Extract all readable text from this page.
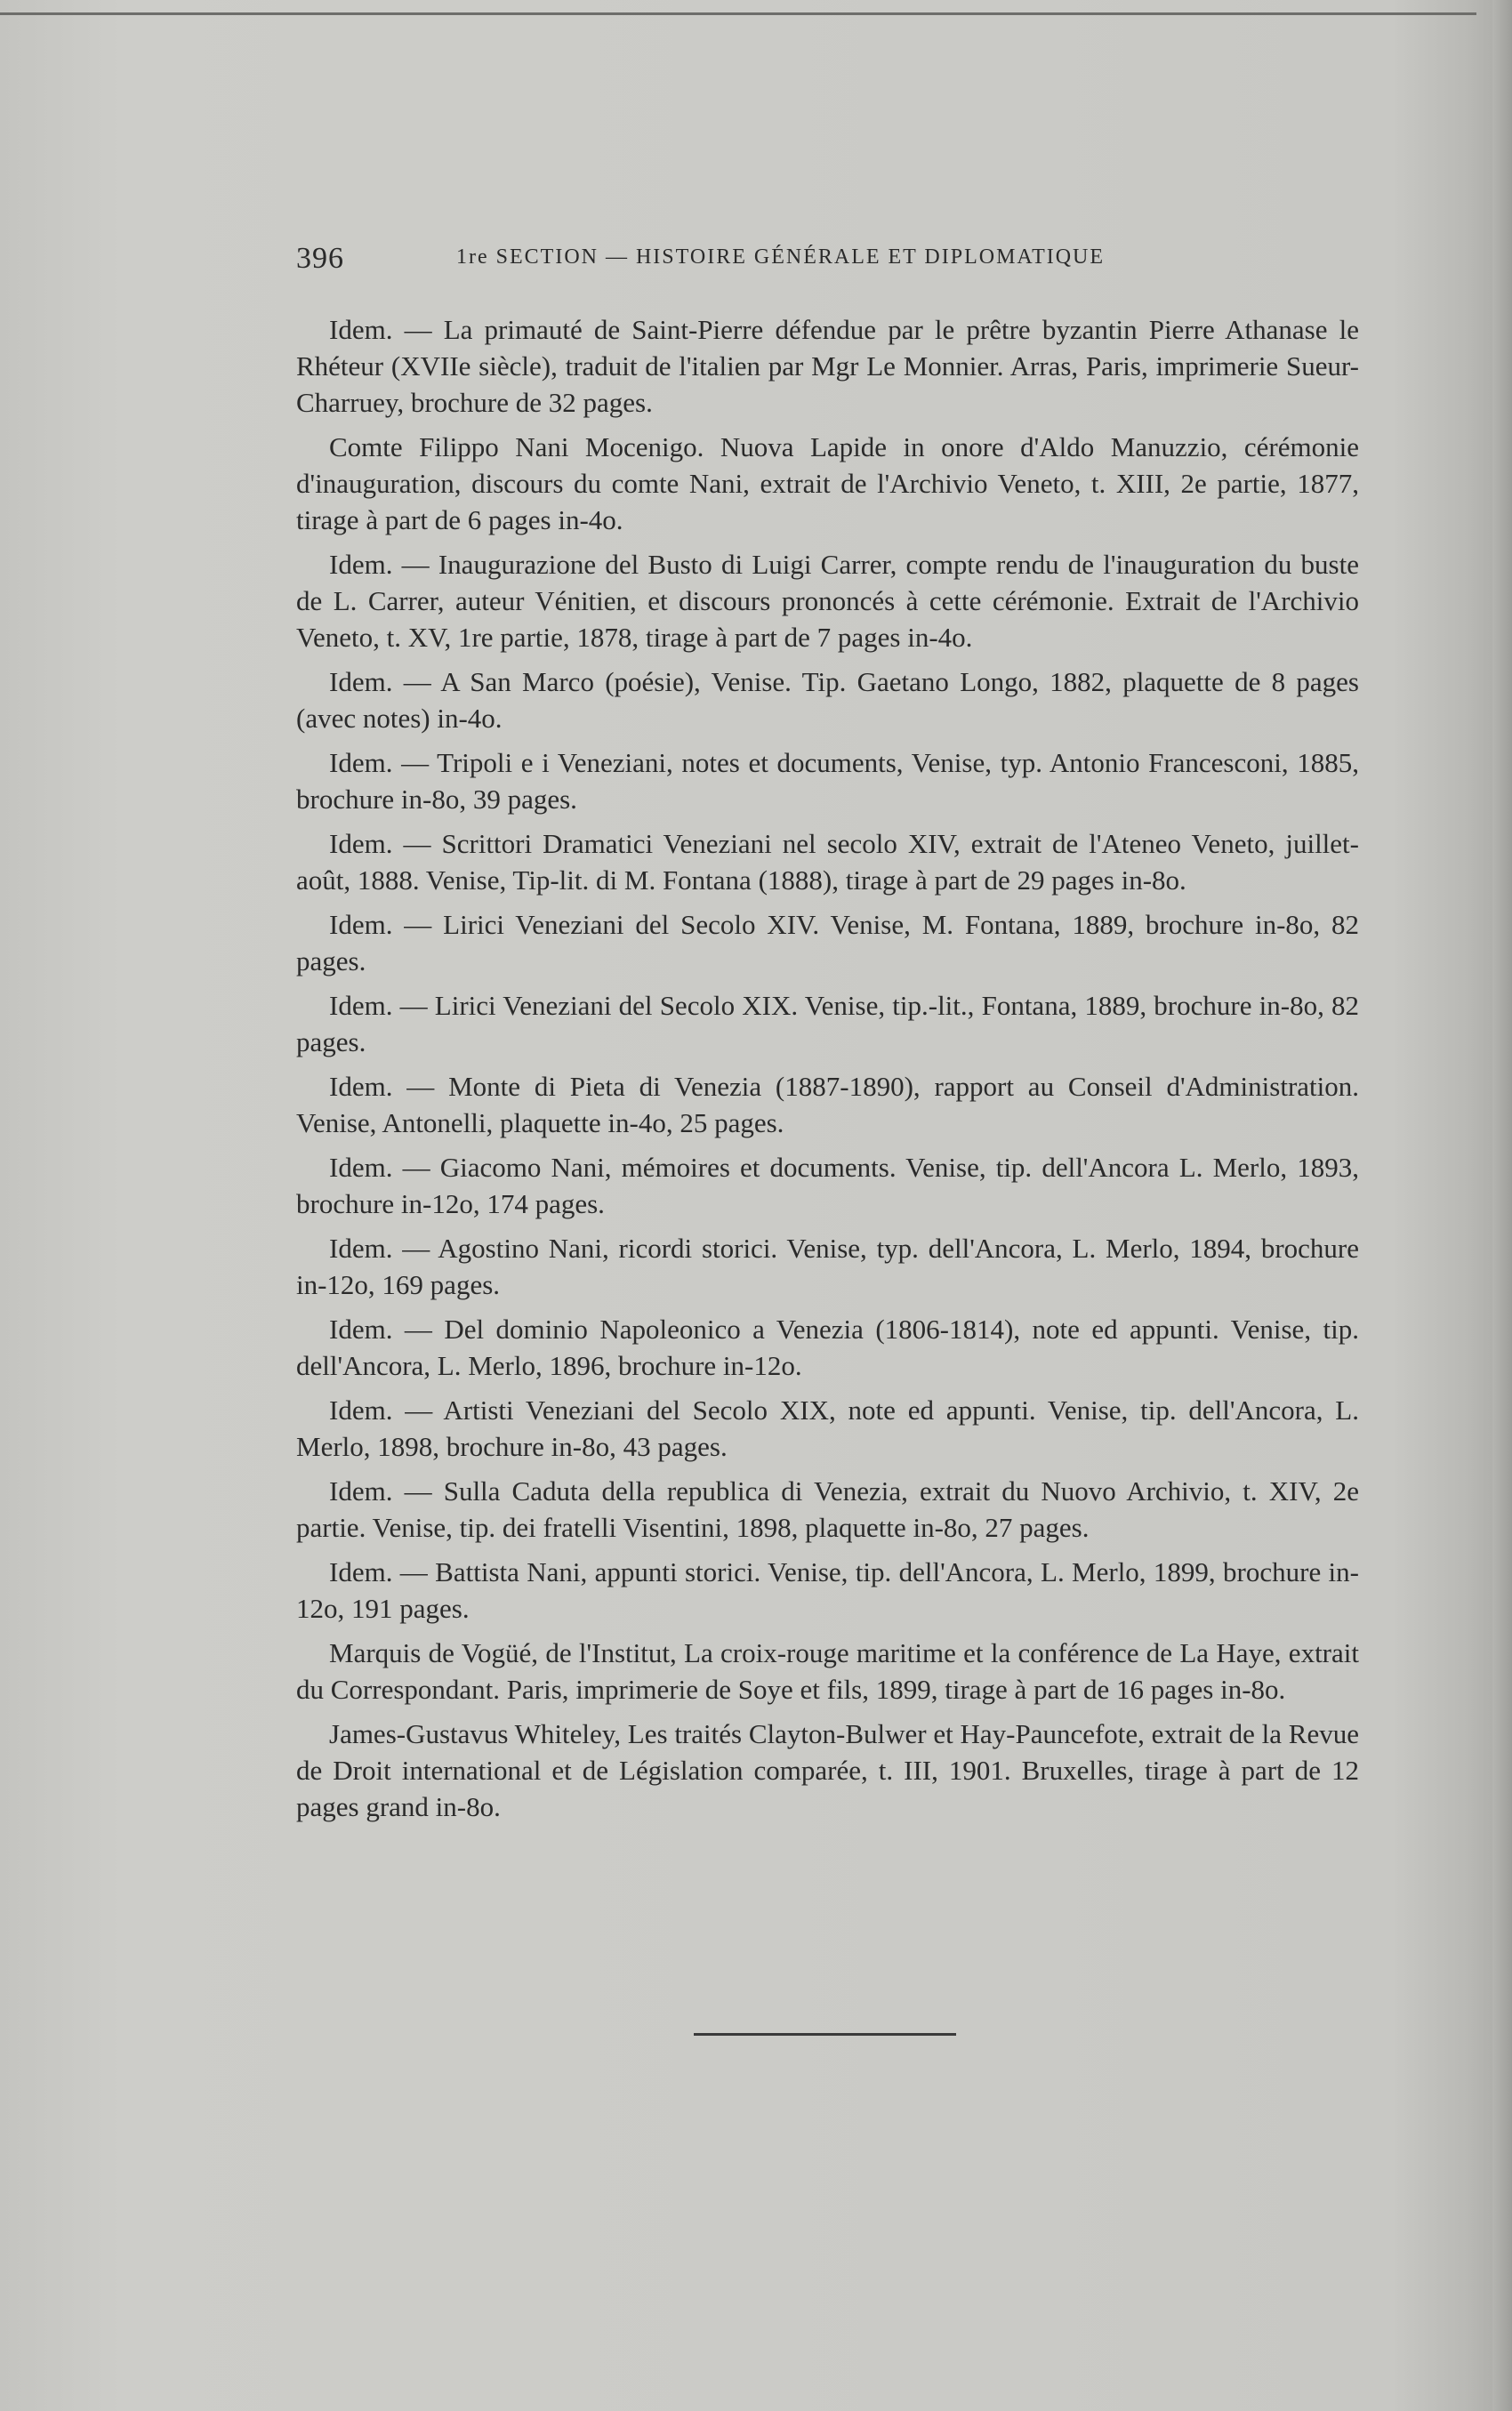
396	1re SECTION — HISTOIRE GÉNÉRALE ET DIPLOMATIQUE

Idem. — La primauté de Saint-Pierre défendue par le prêtre byzantin Pierre Athanase le Rhéteur (XVIIe siècle), traduit de l'italien par Mgr Le Monnier. Arras, Paris, imprimerie Sueur-Charruey, brochure de 32 pages.

Comte Filippo Nani Mocenigo. Nuova Lapide in onore d'Aldo Manuzzio, cérémonie d'inauguration, discours du comte Nani, extrait de l'Archivio Veneto, t. XIII, 2e partie, 1877, tirage à part de 6 pages in-4o.

Idem. — Inaugurazione del Busto di Luigi Carrer, compte rendu de l'inauguration du buste de L. Carrer, auteur Vénitien, et discours prononcés à cette cérémonie. Extrait de l'Archivio Veneto, t. XV, 1re partie, 1878, tirage à part de 7 pages in-4o.

Idem. — A San Marco (poésie), Venise. Tip. Gaetano Longo, 1882, plaquette de 8 pages (avec notes) in-4o.

Idem. — Tripoli e i Veneziani, notes et documents, Venise, typ. Antonio Francesconi, 1885, brochure in-8o, 39 pages.

Idem. — Scrittori Dramatici Veneziani nel secolo XIV, extrait de l'Ateneo Veneto, juillet-août, 1888. Venise, Tip-lit. di M. Fontana (1888), tirage à part de 29 pages in-8o.

Idem. — Lirici Veneziani del Secolo XIV. Venise, M. Fontana, 1889, brochure in-8o, 82 pages.

Idem. — Lirici Veneziani del Secolo XIX. Venise, tip.-lit., Fontana, 1889, brochure in-8o, 82 pages.

Idem. — Monte di Pieta di Venezia (1887-1890), rapport au Conseil d'Administration. Venise, Antonelli, plaquette in-4o, 25 pages.

Idem. — Giacomo Nani, mémoires et documents. Venise, tip. dell'Ancora L. Merlo, 1893, brochure in-12o, 174 pages.

Idem. — Agostino Nani, ricordi storici. Venise, typ. dell'Ancora, L. Merlo, 1894, brochure in-12o, 169 pages.

Idem. — Del dominio Napoleonico a Venezia (1806-1814), note ed appunti. Venise, tip. dell'Ancora, L. Merlo, 1896, brochure in-12o.

Idem. — Artisti Veneziani del Secolo XIX, note ed appunti. Venise, tip. dell'Ancora, L. Merlo, 1898, brochure in-8o, 43 pages.

Idem. — Sulla Caduta della republica di Venezia, extrait du Nuovo Archivio, t. XIV, 2e partie. Venise, tip. dei fratelli Visentini, 1898, plaquette in-8o, 27 pages.

Idem. — Battista Nani, appunti storici. Venise, tip. dell'Ancora, L. Merlo, 1899, brochure in-12o, 191 pages.

Marquis de Vogüé, de l'Institut, La croix-rouge maritime et la conférence de La Haye, extrait du Correspondant. Paris, imprimerie de Soye et fils, 1899, tirage à part de 16 pages in-8o.

James-Gustavus Whiteley, Les traités Clayton-Bulwer et Hay-Pauncefote, extrait de la Revue de Droit international et de Législation comparée, t. III, 1901. Bruxelles, tirage à part de 12 pages grand in-8o.
